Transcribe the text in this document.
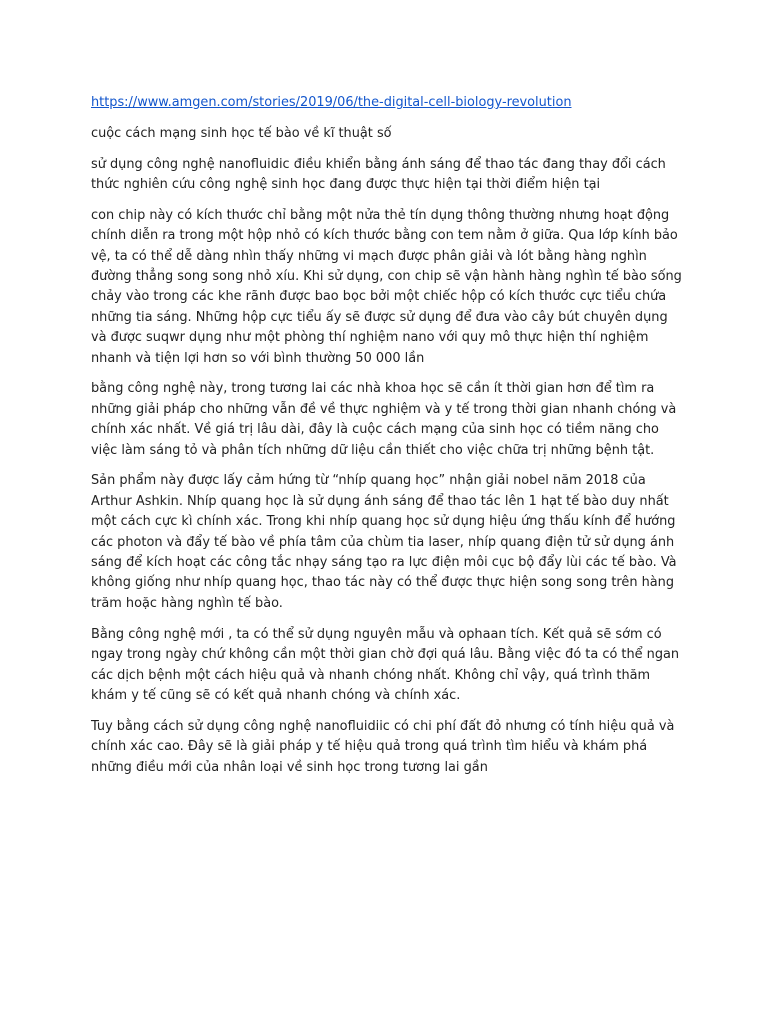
https://www.amgen.com/stories/2019/06/the-digital-cell-biology-revolution

cuộc cách mạng sinh học tế bào về kĩ thuật số

sử dụng công nghệ nanofluidic điều khiển bằng ánh sáng để thao tác đang thay đổi cách thức nghiên cứu công nghệ sinh học đang được thực hiện tại thời điểm hiện tại

con chip này có kích thước chỉ bằng một nửa thẻ tín dụng thông thường nhưng hoạt động chính diễn ra trong một hộp nhỏ có kích thước bằng con tem nằm ở giữa. Qua lớp kính bảo vệ, ta có thể dễ dàng nhìn thấy những vi mạch được phân giải và lót bằng hàng nghìn đường thẳng song song nhỏ xíu. Khi sử dụng, con chip sẽ vận hành hàng nghìn tế bào sống chảy vào trong các khe rãnh được bao bọc bởi một chiếc hộp có kích thước cực tiểu chứa những tia sáng. Những hộp cực tiểu ấy sẽ được sử dụng để đưa vào cây bút chuyên dụng và được suqwr dụng như một phòng thí nghiệm nano với quy mô thực hiện thí nghiệm nhanh và tiện lợi hơn so với bình thường 50 000 lần

bằng công nghệ này, trong tương lai các nhà khoa học sẽ cần ít thời gian hơn để tìm ra những giải pháp cho những vẫn đề về thực nghiệm và y tế trong thời gian nhanh chóng và chính xác nhất. Về giá trị lâu dài, đây là cuộc cách mạng của sinh học có tiềm năng cho việc làm sáng tỏ và phân tích những dữ liệu cần thiết cho việc chữa trị những bệnh tật.

Sản phẩm này được lấy cảm hứng từ “nhíp quang học” nhận giải nobel năm 2018 của Arthur Ashkin. Nhíp quang học là sử dụng ánh sáng để thao tác lên 1 hạt tế bào duy nhất một cách cực kì chính xác. Trong khi nhíp quang học sử dụng hiệu ứng thấu kính để hướng các photon và đẩy tế bào về phía tâm của chùm tia laser, nhíp quang điện tử sử dụng ánh sáng để kích hoạt các công tắc nhạy sáng tạo ra lực điện môi cục bộ đẩy lùi các tế bào. Và không giống như nhíp quang học, thao tác này có thể được thực hiện song song trên hàng trăm hoặc hàng nghìn tế bào.

Bằng công nghệ mới , ta có thể sử dụng nguyên mẫu và ophaan tích. Kết quả sẽ sớm có ngay trong ngày chứ không cần một thời gian chờ đợi quá lâu. Bằng việc đó ta có thể ngan các dịch bệnh một cách hiệu quả và nhanh chóng nhất. Không chỉ vậy, quá trình thăm khám y tế cũng sẽ có kết quả nhanh chóng và chính xác.

Tuy bằng cách sử dụng công nghệ nanofluidiic có chi phí đất đỏ nhưng có tính hiệu quả và chính xác cao. Đây sẽ là giải pháp y tế hiệu quả trong quá trình tìm hiểu và khám phá những điều mới của nhân loại về sinh học trong tương lai gần
